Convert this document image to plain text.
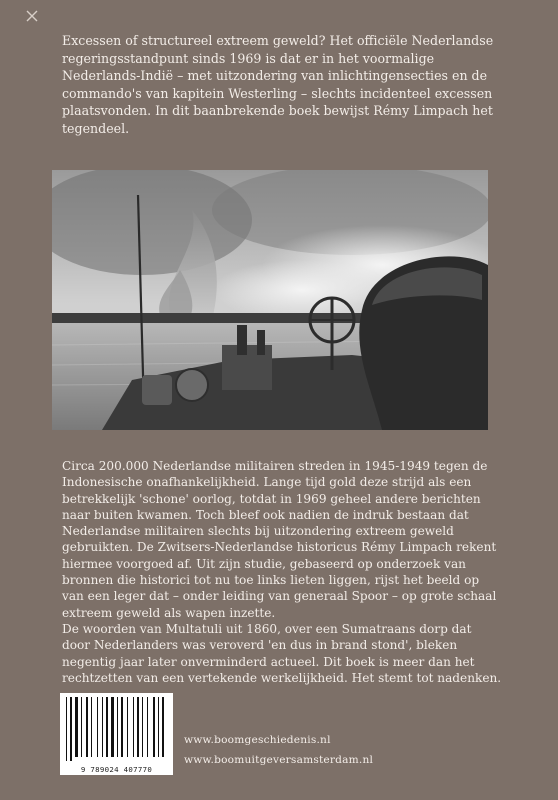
Excessen of structureel extreem geweld? Het officiële Nederlandse regeringsstandpunt sinds 1969 is dat er in het voormalige Nederlands-Indië – met uitzondering van inlichtingensecties en de commando's van kapitein Westerling – slechts incidenteel excessen plaatsvonden. In dit baanbrekende boek bewijst Rémy Limpach het tegendeel.

Circa 200.000 Nederlandse militairen streden in 1945-1949 tegen de Indonesische onafhankelijkheid. Lange tijd gold deze strijd als een betrekkelijk 'schone' oorlog, totdat in 1969 geheel andere berichten naar buiten kwamen. Toch bleef ook nadien de indruk bestaan dat Nederlandse militairen slechts bij uitzondering extreem geweld gebruikten. De Zwitsers-Nederlandse historicus Rémy Limpach rekent hiermee voorgoed af. Uit zijn studie, gebaseerd op onderzoek van bronnen die historici tot nu toe links lieten liggen, rijst het beeld op van een leger dat – onder leiding van generaal Spoor – op grote schaal extreem geweld als wapen inzette.

De woorden van Multatuli uit 1860, over een Sumatraans dorp dat door Nederlanders was veroverd 'en dus in brand stond', bleken negentig jaar later onverminderd actueel. Dit boek is meer dan het rechtzetten van een vertekende werkelijkheid. Het stemt tot nadenken.

9 789024 407770
www.boomgeschiedenis.nl
www.boomuitgeversamsterdam.nl
